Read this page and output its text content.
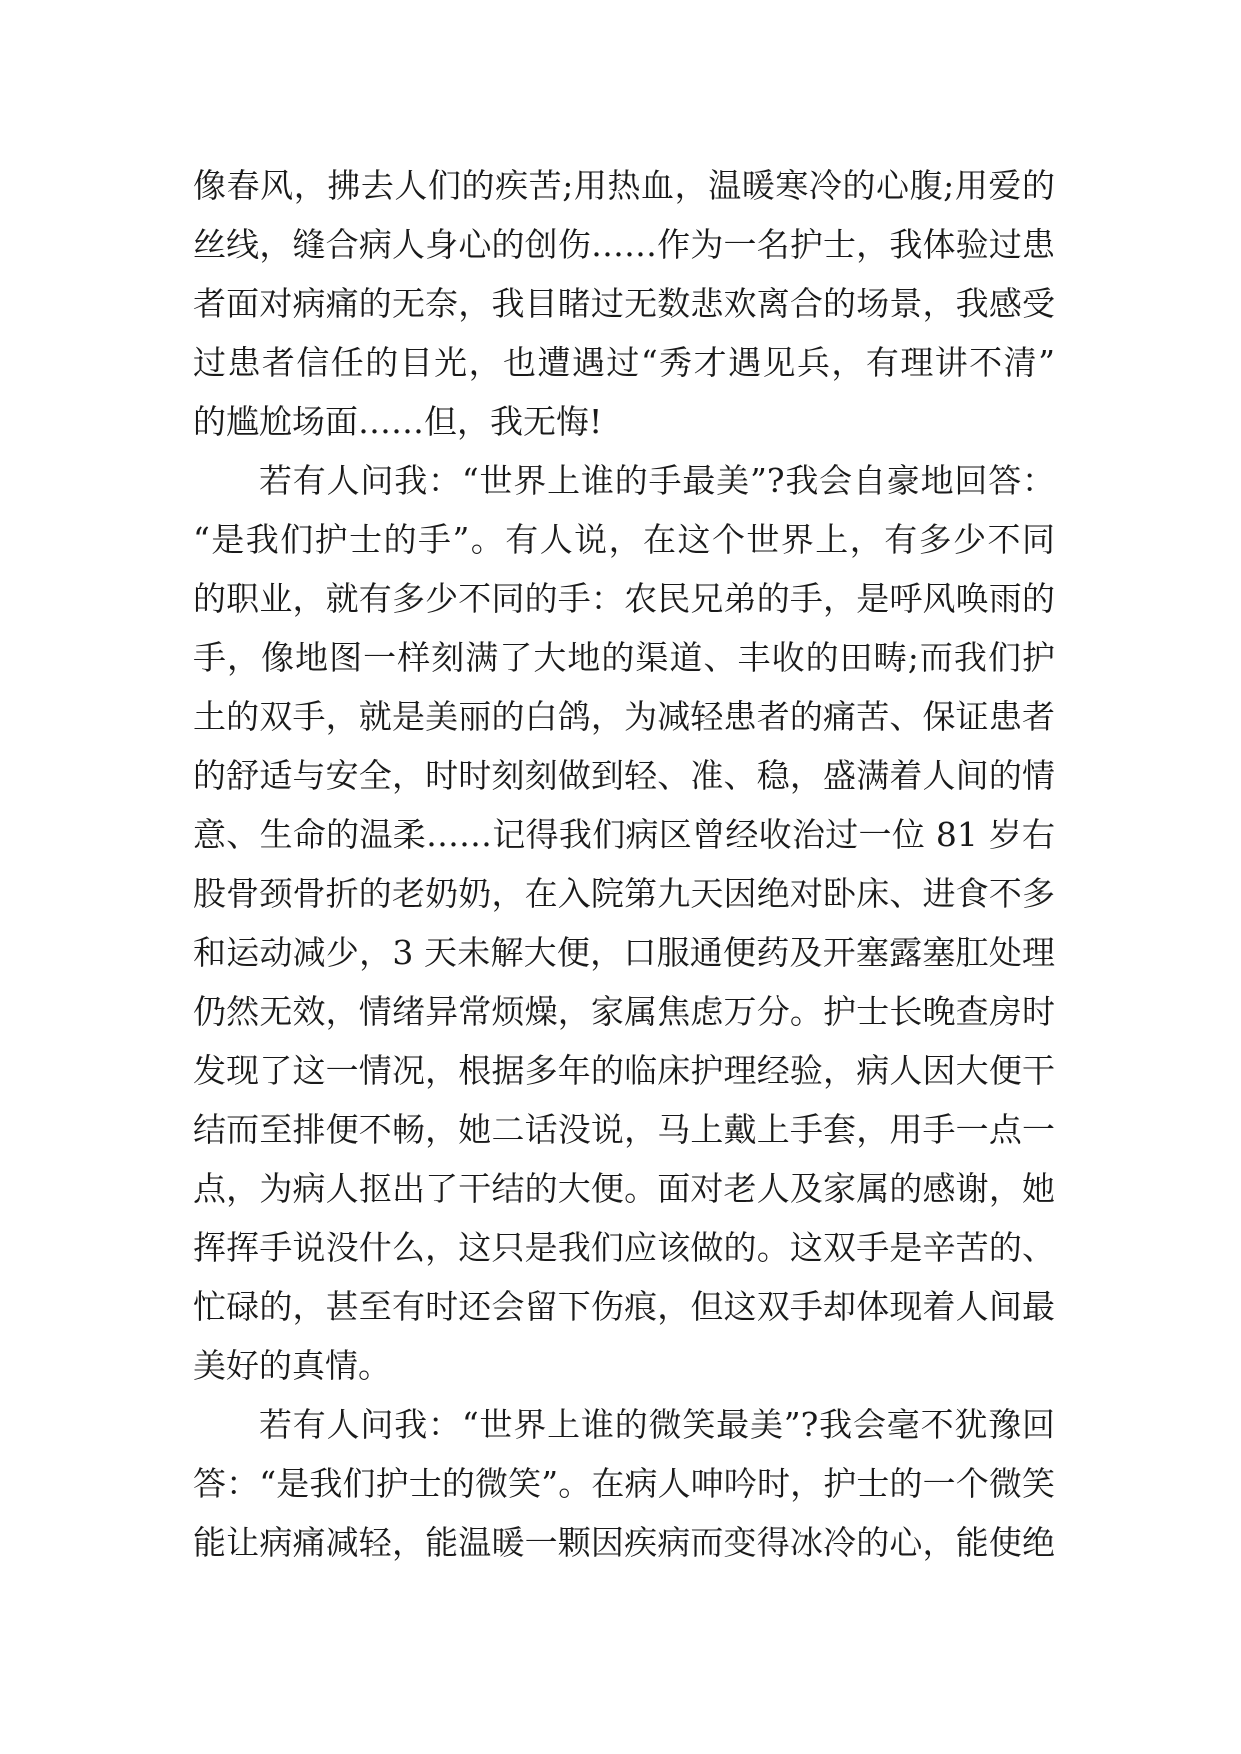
像春风，拂去人们的疾苦;用热血，温暖寒冷的心腹;用爱的
丝线，缝合病人身心的创伤……作为一名护士，我体验过患
者面对病痛的无奈，我目睹过无数悲欢离合的场景，我感受
过患者信任的目光，也遭遇过“秀才遇见兵，有理讲不清”
的尴尬场面……但，我无悔!
若有人问我：“世界上谁的手最美”?我会自豪地回答：
“是我们护士的手”。有人说，在这个世界上，有多少不同
的职业，就有多少不同的手：农民兄弟的手，是呼风唤雨的
手，像地图一样刻满了大地的渠道、丰收的田畴;而我们护
土的双手，就是美丽的白鸽，为减轻患者的痛苦、保证患者
的舒适与安全，时时刻刻做到轻、准、稳，盛满着人间的情
意、生命的温柔……记得我们病区曾经收治过一位 81 岁右
股骨颈骨折的老奶奶，在入院第九天因绝对卧床、进食不多
和运动减少，3 天未解大便，口服通便药及开塞露塞肛处理
仍然无效，情绪异常烦燥，家属焦虑万分。护士长晚查房时
发现了这一情况，根据多年的临床护理经验，病人因大便干
结而至排便不畅，她二话没说，马上戴上手套，用手一点一
点，为病人抠出了干结的大便。面对老人及家属的感谢，她
挥挥手说没什么，这只是我们应该做的。这双手是辛苦的、
忙碌的，甚至有时还会留下伤痕，但这双手却体现着人间最
美好的真情。
若有人问我：“世界上谁的微笑最美”?我会毫不犹豫回
答：“是我们护士的微笑”。在病人呻吟时，护士的一个微笑
能让病痛减轻，能温暖一颗因疾病而变得冰冷的心，能使绝
